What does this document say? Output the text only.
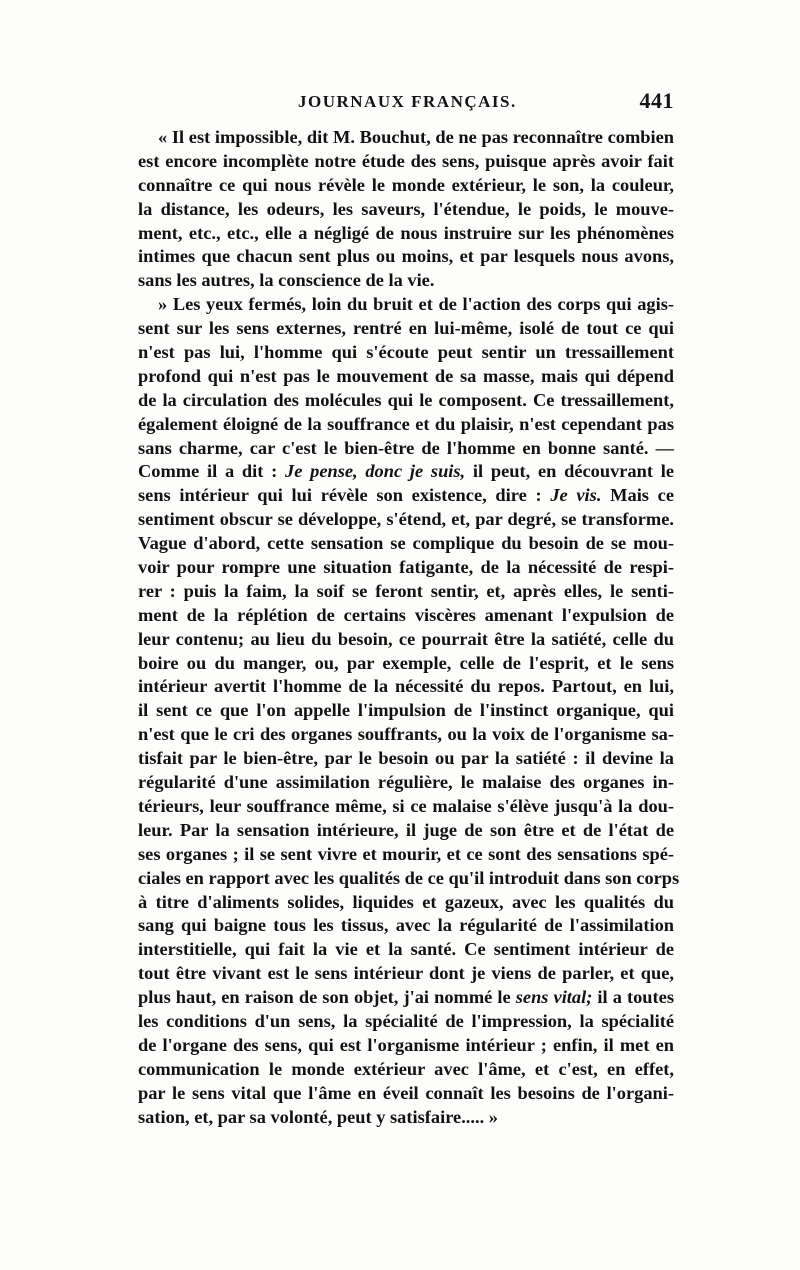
JOURNAUX FRANÇAIS.	441
« Il est impossible, dit M. Bouchut, de ne pas reconnaître combien
est encore incomplète notre étude des sens, puisque après avoir fait
connaître ce qui nous révèle le monde extérieur, le son, la couleur,
la distance, les odeurs, les saveurs, l'étendue, le poids, le mouve-
ment, etc., etc., elle a négligé de nous instruire sur les phénomènes
intimes que chacun sent plus ou moins, et par lesquels nous avons,
sans les autres, la conscience de la vie.
» Les yeux fermés, loin du bruit et de l'action des corps qui agis-
sent sur les sens externes, rentré en lui-même, isolé de tout ce qui
n'est pas lui, l'homme qui s'écoute peut sentir un tressaillement
profond qui n'est pas le mouvement de sa masse, mais qui dépend
de la circulation des molécules qui le composent. Ce tressaillement,
également éloigné de la souffrance et du plaisir, n'est cependant pas
sans charme, car c'est le bien-être de l'homme en bonne santé. —
Comme il a dit : Je pense, donc je suis, il peut, en découvrant le
sens intérieur qui lui révèle son existence, dire : Je vis. Mais ce
sentiment obscur se développe, s'étend, et, par degré, se transforme.
Vague d'abord, cette sensation se complique du besoin de se mou-
voir pour rompre une situation fatigante, de la nécessité de respi-
rer : puis la faim, la soif se feront sentir, et, après elles, le senti-
ment de la réplétion de certains viscères amenant l'expulsion de
leur contenu; au lieu du besoin, ce pourrait être la satiété, celle du
boire ou du manger, ou, par exemple, celle de l'esprit, et le sens
intérieur avertit l'homme de la nécessité du repos. Partout, en lui,
il sent ce que l'on appelle l'impulsion de l'instinct organique, qui
n'est que le cri des organes souffrants, ou la voix de l'organisme sa-
tisfait par le bien-être, par le besoin ou par la satiété : il devine la
régularité d'une assimilation régulière, le malaise des organes in-
térieurs, leur souffrance même, si ce malaise s'élève jusqu'à la dou-
leur. Par la sensation intérieure, il juge de son être et de l'état de
ses organes ; il se sent vivre et mourir, et ce sont des sensations spé-
ciales en rapport avec les qualités de ce qu'il introduit dans son corps
à titre d'aliments solides, liquides et gazeux, avec les qualités du
sang qui baigne tous les tissus, avec la régularité de l'assimilation
interstitielle, qui fait la vie et la santé. Ce sentiment intérieur de
tout être vivant est le sens intérieur dont je viens de parler, et que,
plus haut, en raison de son objet, j'ai nommé le sens vital; il a toutes
les conditions d'un sens, la spécialité de l'impression, la spécialité
de l'organe des sens, qui est l'organisme intérieur ; enfin, il met en
communication le monde extérieur avec l'âme, et c'est, en effet,
par le sens vital que l'âme en éveil connaît les besoins de l'organi-
sation, et, par sa volonté, peut y satisfaire..... »
